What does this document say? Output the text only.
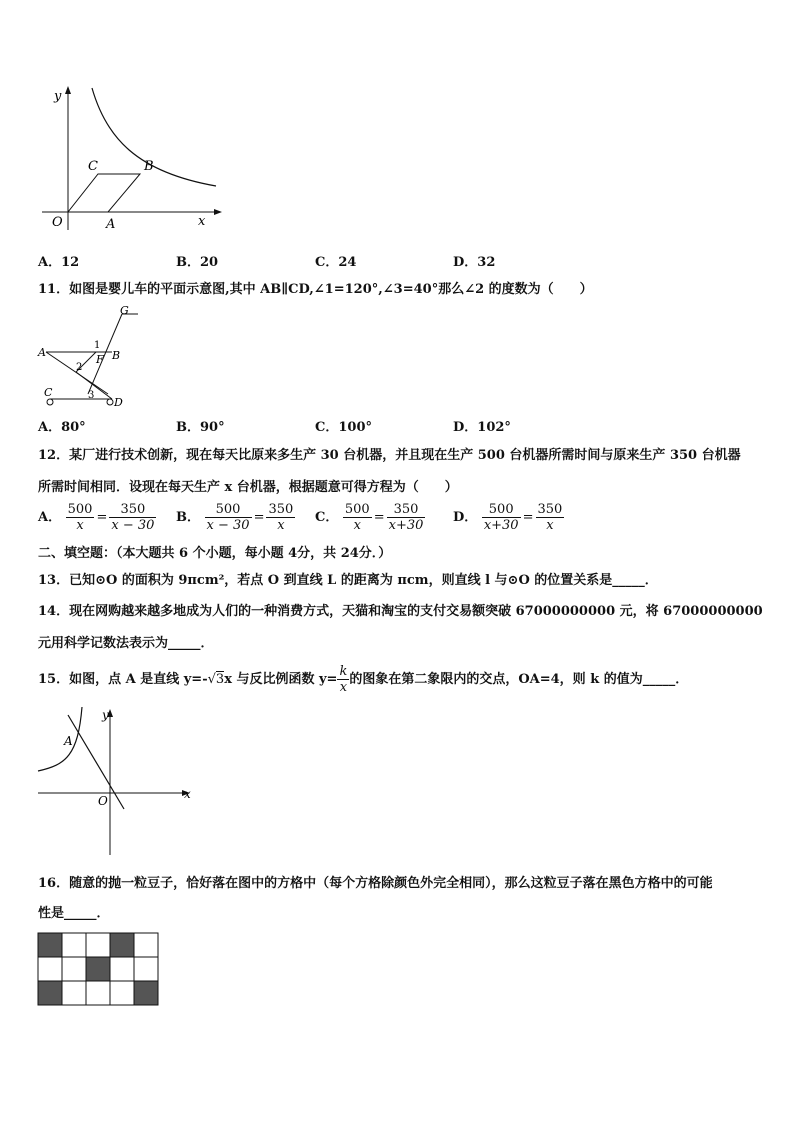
y
x
O	A
B
C
A．12	B．20	C．24	D．32
11．如图是婴儿车的平面示意图,其中 AB∥CD,∠1=120°,∠3=40°那么∠2 的度数为（　　）
G
A	B
F
C
D
1
2
3
A．80°	B．90°	C．100°	D．102°
12．某厂进行技术创新，现在每天比原来多生产 30 台机器，并且现在生产 500 台机器所需时间与原来生产 350 台机器
所需时间相同．设现在每天生产 x 台机器，根据题意可得方程为（　　）
A． $\frac{500}{x} = \frac{350}{x - 30}$ B． $\frac{500}{x - 30} = \frac{350}{x}$ C． $\frac{500}{x} = \frac{350}{x+30}$ D． $\frac{500}{x+30} = \frac{350}{x}$
二、填空题：（本大题共 6 个小题，每小题 4分，共 24分．）
13．已知⊙O 的面积为 9πcm²，若点 O 到直线 L 的距离为 πcm，则直线 l 与⊙O 的位置关系是_____．
14．现在网购越来越多地成为人们的一种消费方式，天猫和淘宝的支付交易额突破 67000000000 元，将 67000000000
元用科学记数法表示为_____．
15．如图，点 A 是直线 y=-√3x 与反比例函数 $y= \frac{k}{x}$ 的图象在第二象限内的交点，OA=4，则 k 的值为_____．
y
x
O
A
16．随意的抛一粒豆子，恰好落在图中的方格中（每个方格除颜色外完全相同），那么这粒豆子落在黑色方格中的可能
性是_____．
